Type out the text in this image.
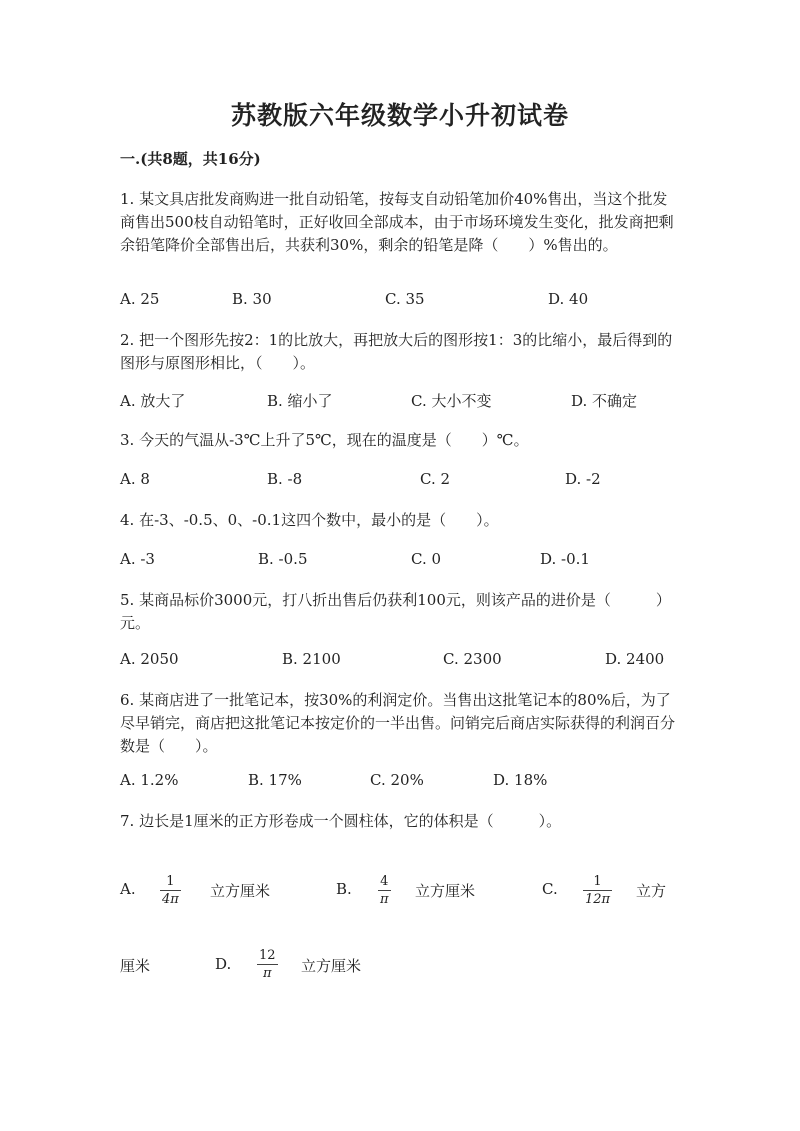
苏教版六年级数学小升初试卷
一.(共8题，共16分)
1. 某文具店批发商购进一批自动铅笔，按每支自动铅笔加价40%售出，当这个批发商售出500枝自动铅笔时，正好收回全部成本，由于市场环境发生变化，批发商把剩余铅笔降价全部售出后，共获利30%，剩余的铅笔是降（　　）%售出的。
A. 25	B. 30	C. 35	D. 40
2. 把一个图形先按2：1的比放大，再把放大后的图形按1：3的比缩小，最后得到的图形与原图形相比，（　　）。
A. 放大了	B. 缩小了	C. 大小不变	D. 不确定
3. 今天的气温从-3℃上升了5℃，现在的温度是（　　）℃。
A. 8	B. -8	C. 2	D. -2
4. 在-3、-0.5、0、-0.1这四个数中，最小的是（　　）。
A. -3	B. -0.5	C. 0	D. -0.1
5. 某商品标价3000元，打八折出售后仍获利100元，则该产品的进价是（　　　）元。
A. 2050	B. 2100	C. 2300	D. 2400
6. 某商店进了一批笔记本，按30%的利润定价。当售出这批笔记本的80%后，为了尽早销完，商店把这批笔记本按定价的一半出售。问销完后商店实际获得的利润百分数是（　　）。
A. 1.2%	B. 17%	C. 20%	D. 18%
7. 边长是1厘米的正方形卷成一个圆柱体，它的体积是（　　　）。
A. 1
4π 立方厘米	B. 4
π 立方厘米	C.	1
12π 立方
厘米	D. 12
π 立方厘米
